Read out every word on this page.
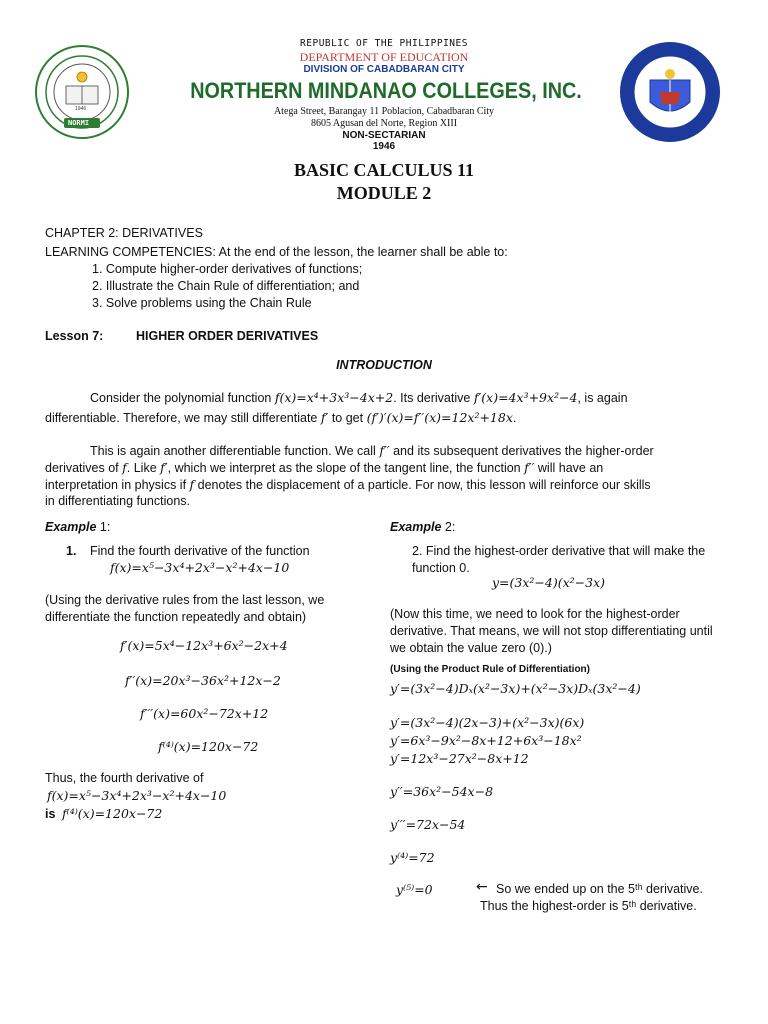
NORMI
1946
REPUBLIC OF THE PHILIPPINES
DEPARTMENT OF EDUCATION
DIVISION OF CABADBARAN CITY
NORTHERN MINDANAO COLLEGES, INC.
Atega Street, Barangay 11 Poblacion, Cabadbaran City
8605 Agusan del Norte, Region XIII
NON-SECTARIAN
1946
BASIC CALCULUS 11
MODULE 2
CHAPTER 2: DERIVATIVES
LEARNING COMPETENCIES: At the end of the lesson, the learner shall be able to:
1. Compute higher-order derivatives of functions;
2. Illustrate the Chain Rule of differentiation; and
3. Solve problems using the Chain Rule
Lesson 7:	HIGHER ORDER DERIVATIVES
INTRODUCTION
Consider the polynomial function f(x)=x⁴+3x³−4x+2. Its derivative f′(x)=4x³+9x²−4, is again
differentiable. Therefore, we may still differentiate f′ to get (f′)′(x)=f′′(x)=12x²+18x.
This is again another differentiable function. We call f′′ and its subsequent derivatives the higher-order
derivatives of f. Like f′, which we interpret as the slope of the tangent line, the function f′′ will have an
interpretation in physics if f denotes the displacement of a particle. For now, this lesson will reinforce our skills
in differentiating functions.
Example 1:
1. Find the fourth derivative of the function
f(x)=x⁵−3x⁴+2x³−x²+4x−10
(Using the derivative rules from the last lesson, we differentiate the function repeatedly and obtain)
f′(x)=5x⁴−12x³+6x²−2x+4
f′′(x)=20x³−36x²+12x−2
f′′′(x)=60x²−72x+12
f⁽⁴⁾(x)=120x−72
Thus, the fourth derivative of
f(x)=x⁵−3x⁴+2x³−x²+4x−10
is f⁽⁴⁾(x)=120x−72
Example 2:
2. Find the highest-order derivative that will make the function 0.
y=(3x²−4)(x²−3x)
(Now this time, we need to look for the highest-order derivative. That means, we will not stop differentiating until we obtain the value zero (0).)
(Using the Product Rule of Differentiation)
y′=(3x²−4)Dₓ(x²−3x)+(x²−3x)Dₓ(3x²−4)
y′=(3x²−4)(2x−3)+(x²−3x)(6x)
y′=6x³−9x²−8x+12+6x³−18x²
y′=12x³−27x²−8x+12
y′′=36x²−54x−8
y′′′=72x−54
y⁽⁴⁾=72
y⁽⁵⁾=0	← So we ended up on the 5ᵗʰ derivative. Thus the highest-order is 5ᵗʰ derivative.
